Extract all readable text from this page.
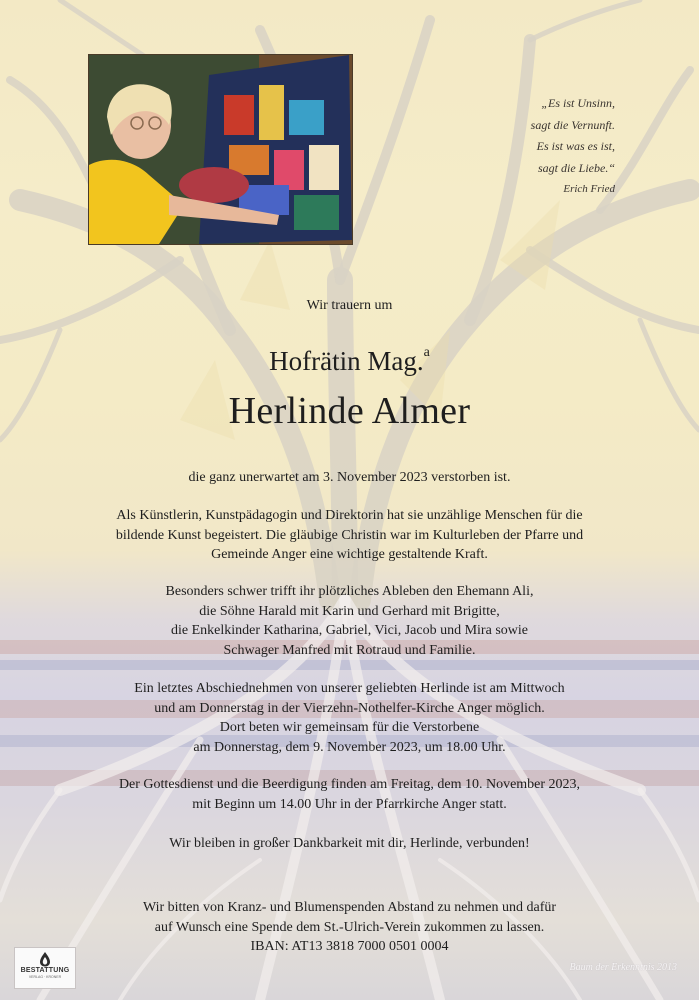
„Es ist Unsinn,
sagt die Vernunft.
Es ist was es ist,
sagt die Liebe.“
Erich Fried
Wir trauern um
Hofrätin Mag.$^a$
Herlinde Almer
die ganz unerwartet am 3. November 2023 verstorben ist.
Als Künstlerin, Kunstpädagogin und Direktorin hat sie unzählige Menschen für die
bildende Kunst begeistert. Die gläubige Christin war im Kulturleben der Pfarre und
Gemeinde Anger eine wichtige gestaltende Kraft.
Besonders schwer trifft ihr plötzliches Ableben den Ehemann Ali,
die Söhne Harald mit Karin und Gerhard mit Brigitte,
die Enkelkinder Katharina, Gabriel, Vici, Jacob und Mira sowie
Schwager Manfred mit Rotraud und Familie.
Ein letztes Abschiednehmen von unserer geliebten Herlinde ist am Mittwoch
und am Donnerstag in der Vierzehn-Nothelfer-Kirche Anger möglich.
Dort beten wir gemeinsam für die Verstorbene
am Donnerstag, dem 9. November 2023, um 18.00 Uhr.
Der Gottesdienst und die Beerdigung finden am Freitag, dem 10. November 2023,
mit Beginn um 14.00 Uhr in der Pfarrkirche Anger statt.
Wir bleiben in großer Dankbarkeit mit dir, Herlinde, verbunden!
Wir bitten von Kranz- und Blumenspenden Abstand zu nehmen und dafür
auf Wunsch eine Spende dem St.-Ulrich-Verein zukommen zu lassen.
IBAN: AT13 3818 7000 0501 0004
BESTATTUNG
VERLAG · KRONER
Baum der Erkenntnis 2013
